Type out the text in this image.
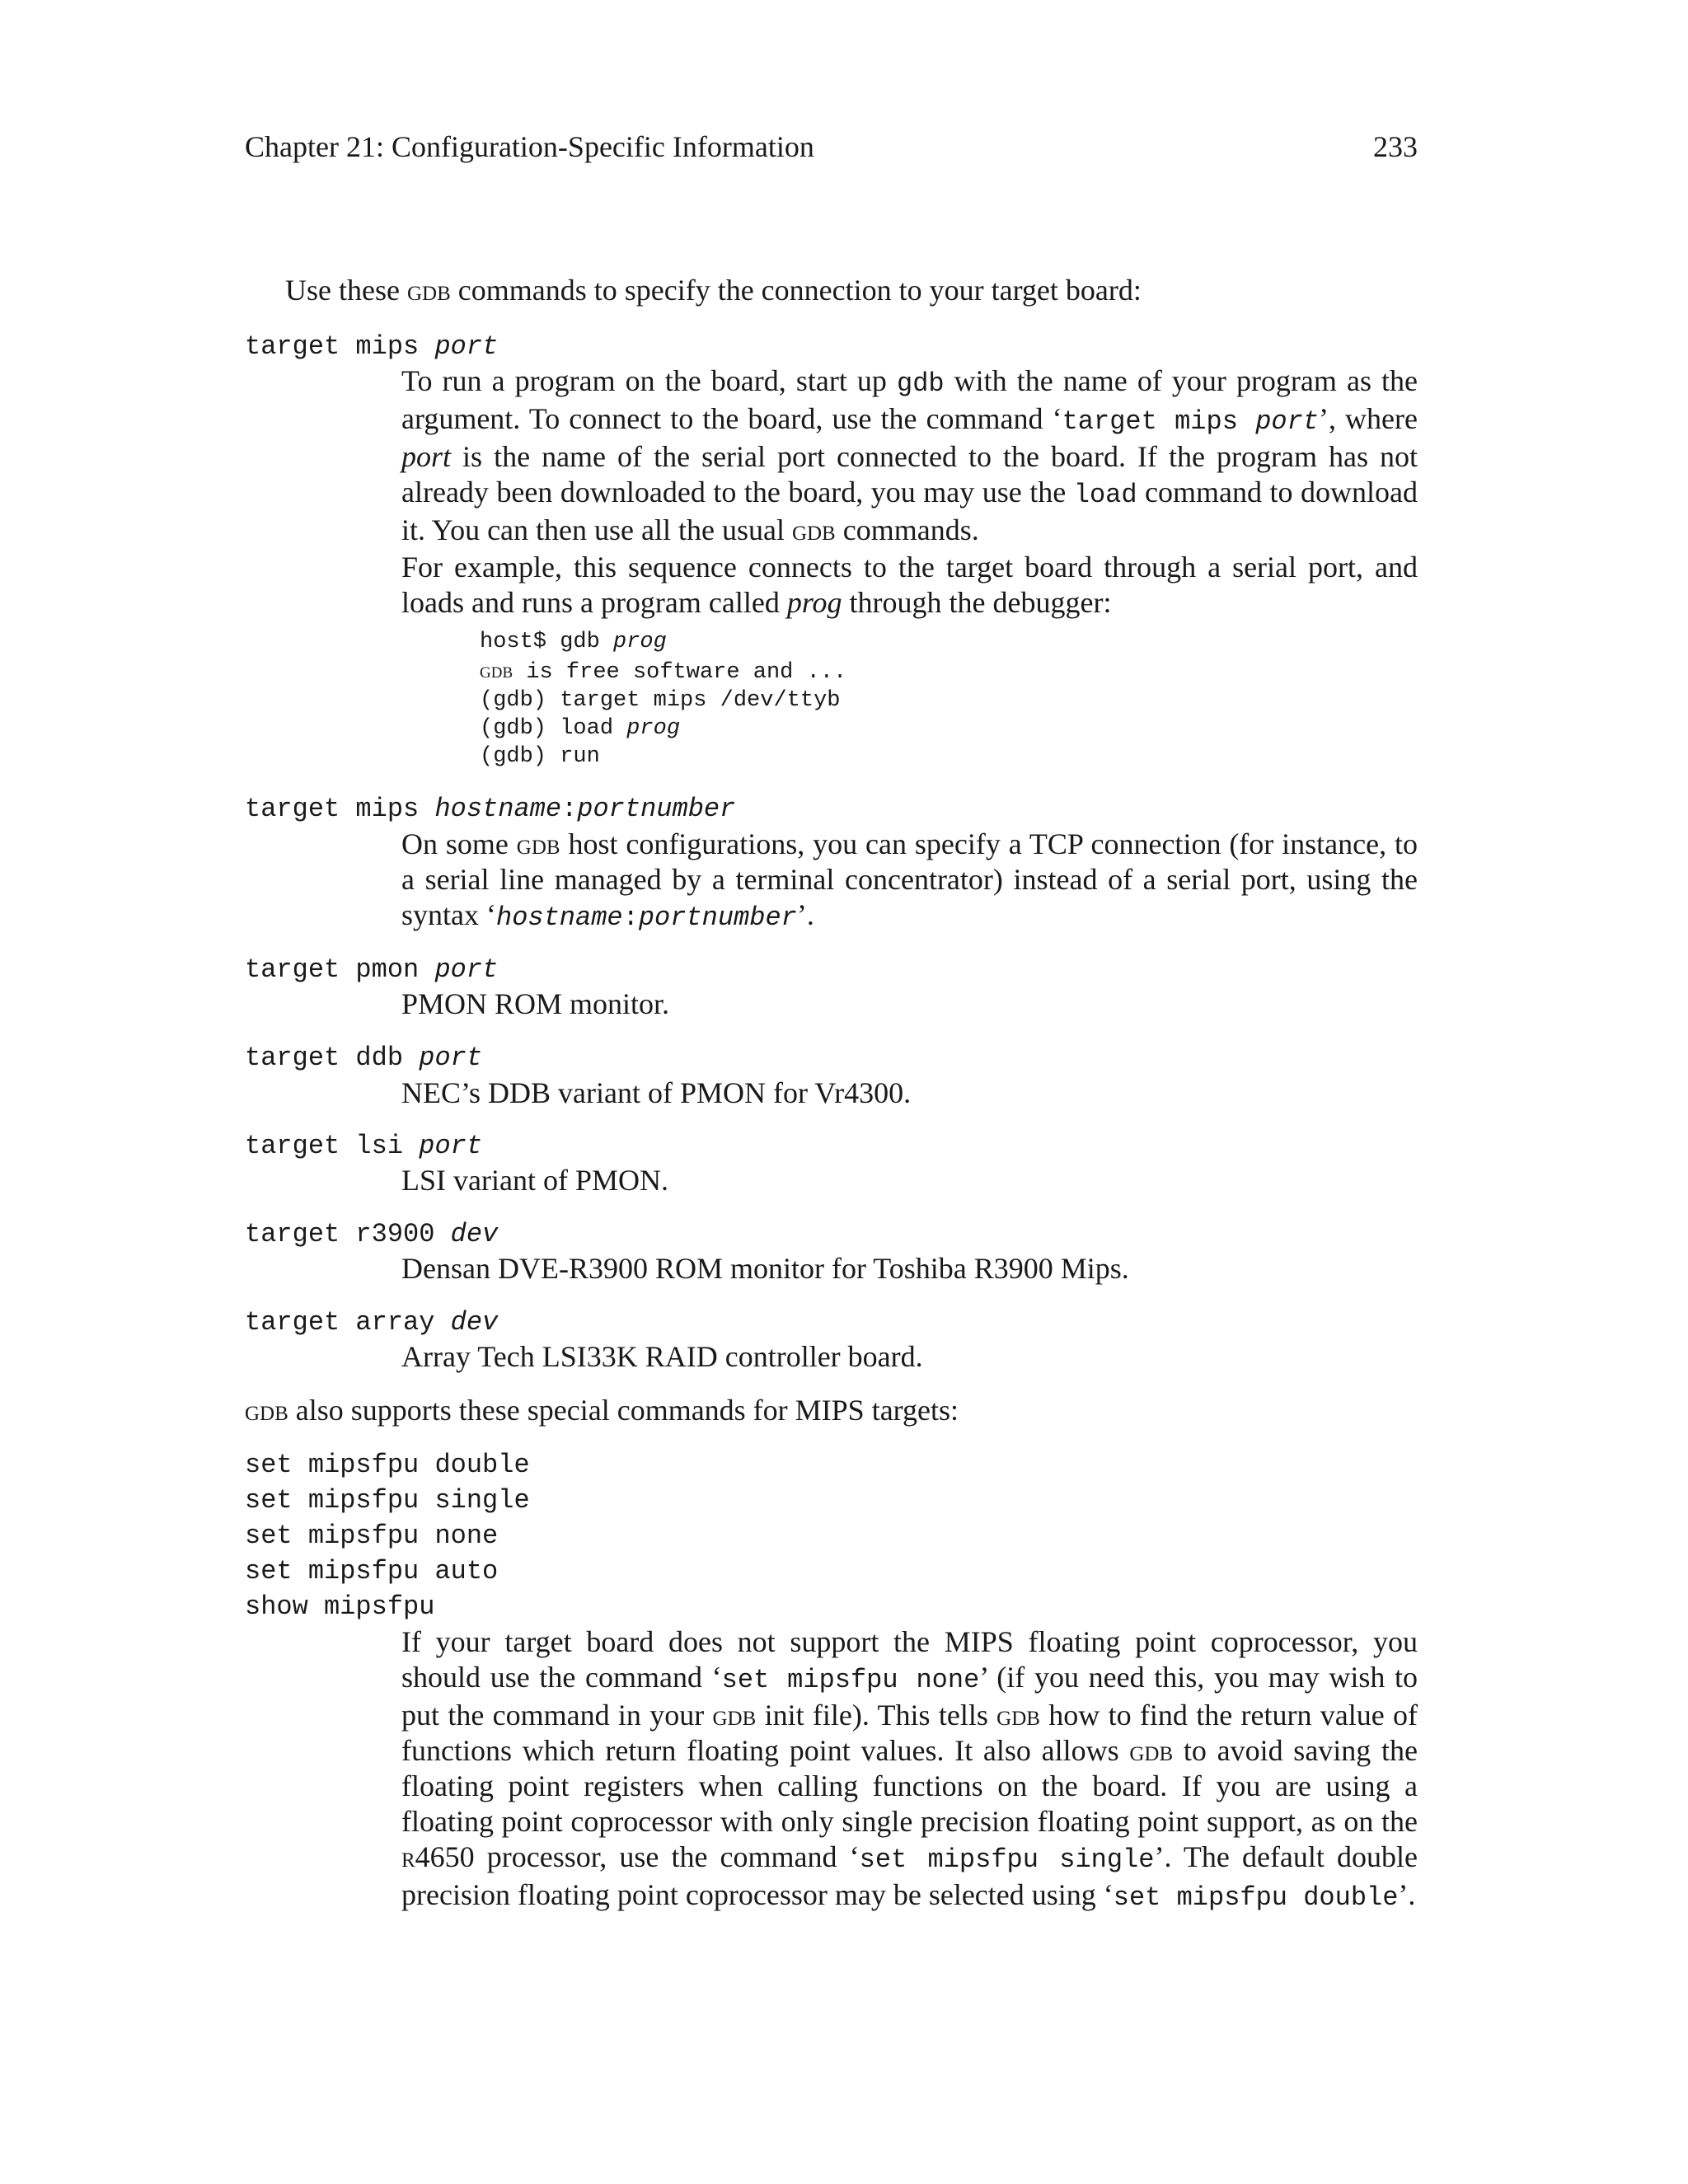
Chapter 21: Configuration-Specific Information	233
Use these gdb commands to specify the connection to your target board:
target mips port
To run a program on the board, start up gdb with the name of your program as the argument. To connect to the board, use the command ‘target mips port’, where port is the name of the serial port connected to the board. If the program has not already been downloaded to the board, you may use the load command to download it. You can then use all the usual gdb commands.
For example, this sequence connects to the target board through a serial port, and loads and runs a program called prog through the debugger:
host$ gdb prog
gdb is free software and ...
(gdb) target mips /dev/ttyb
(gdb) load prog
(gdb) run
target mips hostname:portnumber
On some gdb host configurations, you can specify a TCP connection (for instance, to a serial line managed by a terminal concentrator) instead of a serial port, using the syntax ‘hostname:portnumber’.
target pmon port
PMON ROM monitor.
target ddb port
NEC’s DDB variant of PMON for Vr4300.
target lsi port
LSI variant of PMON.
target r3900 dev
Densan DVE-R3900 ROM monitor for Toshiba R3900 Mips.
target array dev
Array Tech LSI33K RAID controller board.
gdb also supports these special commands for MIPS targets:
set mipsfpu double
set mipsfpu single
set mipsfpu none
set mipsfpu auto
show mipsfpu
If your target board does not support the MIPS floating point coprocessor, you should use the command ‘set mipsfpu none’ (if you need this, you may wish to put the command in your gdb init file). This tells gdb how to find the return value of functions which return floating point values. It also allows gdb to avoid saving the floating point registers when calling functions on the board. If you are using a floating point coprocessor with only single precision floating point support, as on the r4650 processor, use the command ‘set mipsfpu single’. The default double precision floating point coprocessor may be selected using ‘set mipsfpu double’.
